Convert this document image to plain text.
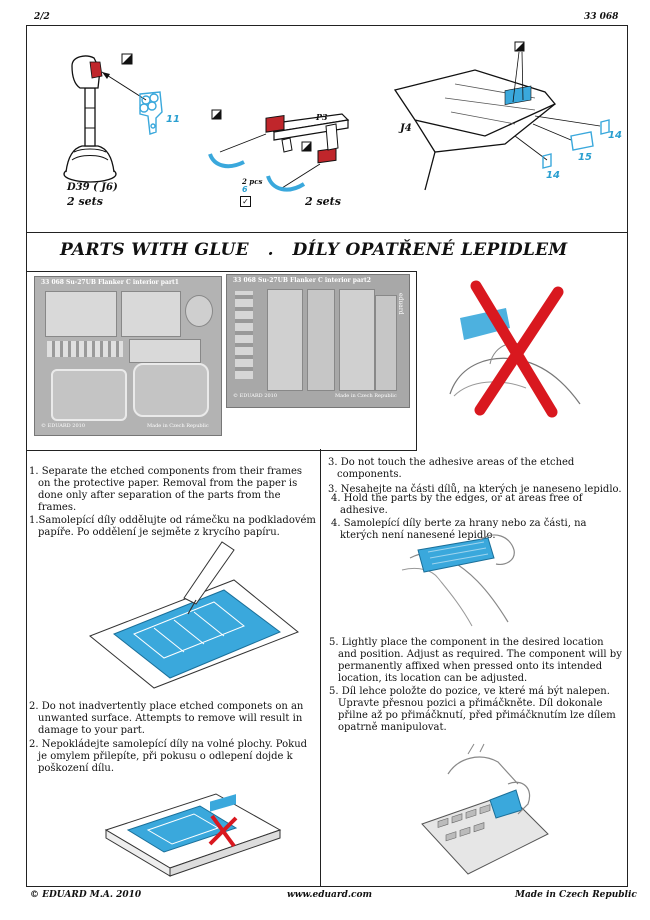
2/2	33 068
11
D39 ( J6)
2 sets
P3
2 pcs
6
✓	2 sets
J4
14
15
14
PARTS WITH GLUE   .   DÍLY OPATŘENÉ LEPIDLEM
33 068 Su-27UB Flanker C interior part1
© EDUARD 2010	Made in Czech Republic
33 068 Su-27UB Flanker C interior part2
eduard
© EDUARD 2010	Made in Czech Republic

1. Separate the etched components from their frames on the protective paper. Removal from the paper is done only after separation of the parts from the frames.

1.Samolepící díly oddělujte od rámečku na podkladovém papíře. Po oddělení je sejměte z krycího papíru.

2. Do not inadvertently place etched componets on an unwanted surface. Attempts to remove will result in damage to your part.

2. Nepokládejte samolepící díly na volné plochy. Pokud je omylem přilepíte, při pokusu o odlepení dojde k poškození dílu.

3. Do not touch the adhesive areas of the etched components.

3. Nesahejte na části dílů, na kterých je naneseno lepidlo.

4. Hold the parts by the edges, or at areas free of adhesive.

4. Samolepící díly berte za hrany nebo za části, na kterých není nanesené lepidlo.

5. Lightly place the component in the desired location and position. Adjust as required. The component will by permanently affixed when pressed onto its intended location, its location can be adjusted.

5. Díl lehce položte do pozice, ve které má být nalepen. Upravte přesnou pozici a přimáčkněte. Díl dokonale přilne až po přimáčknutí, před přimáčknutím lze dílem opatrně manipulovat.

© EDUARD M.A. 2010	www.eduard.com	Made in Czech Republic
